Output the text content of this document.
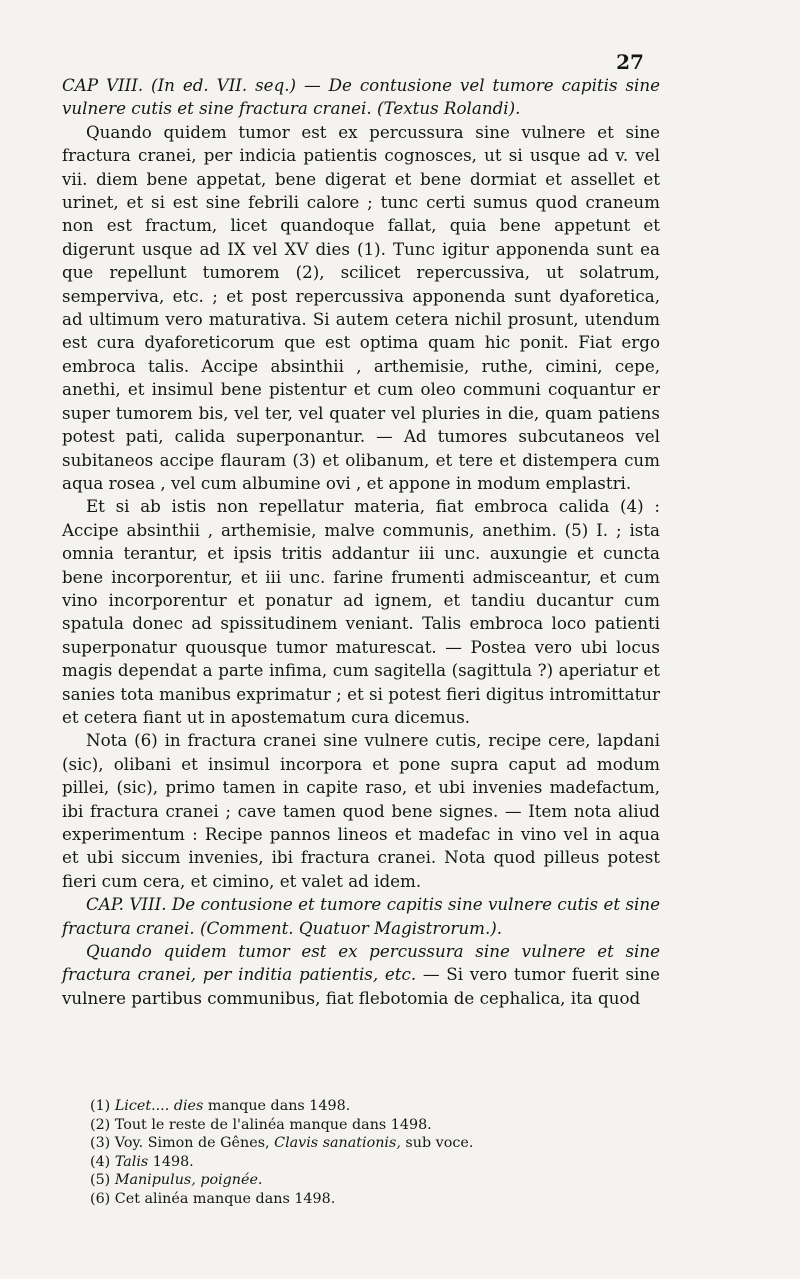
27

CAP VIII. (In ed. VII. seq.) — De contusione vel tumore capitis sine vulnere cutis et sine fractura cranei. (Textus Rolandi).

Quando quidem tumor est ex percussura sine vulnere et sine fractura cranei, per indicia patientis cognosces, ut si usque ad v. vel vii. diem bene appetat, bene digerat et bene dormiat et assellet et urinet, et si est sine febrili calore ; tunc certi sumus quod craneum non est fractum, licet quandoque fallat, quia bene appetunt et digerunt usque ad IX vel XV dies (1). Tunc igitur apponenda sunt ea que repellunt tumorem (2), scilicet repercussiva, ut solatrum, sempervivа, etc. ; et post repercussiva apponenda sunt dyaforetica, ad ultimum vero maturativa. Si autem cetera nichil prosunt, utendum est cura dyaforeticorum que est optima quam hic ponit. Fiat ergo embroca talis. Accipe absinthii , arthemisie, ruthe, cimini, cepe, anethi, et insimul bene pistentur et cum oleo communi coquantur er super tumorem bis, vel ter, vel quater vel pluries in die, quam patiens potest pati, calida superponantur. — Ad tumores subcutaneos vel subitaneos accipe flauram (3) et olibanum, et tere et distempera cum aqua rosea , vel cum albumine ovi , et appone in modum emplastri.

Et si ab istis non repellatur materia, fiat embroca calida (4) : Accipe absinthii , arthemisie, malve communis, anethim. (5) I. ; ista omnia terantur, et ipsis tritis addantur iii unc. auxungie et cuncta bene incorporentur, et iii unc. farine frumenti admisceantur, et cum vino incorporentur et ponatur ad ignem, et tandiu ducantur cum spatula donec ad spissitudinem veniant. Talis embroca loco patienti superponatur quousque tumor maturescat. — Postea vero ubi locus magis dependat a parte infima, cum sagitella (sagittula ?) aperiatur et sanies tota manibus exprimatur ; et si potest fieri digitus intromittatur et cetera fiant ut in apostematum cura dicemus.

Nota (6) in fractura cranei sine vulnere cutis, recipe cere, lapdani (sic), olibani et insimul incorpora et pone supra caput ad modum pillei, (sic), primo tamen in capite raso, et ubi invenies madefactum, ibi fractura cranei ; cave tamen quod bene signes. — Item nota aliud experimentum : Recipe pannos lineos et madefac in vino vel in aqua et ubi siccum invenies, ibi fractura cranei. Nota quod pilleus potest fieri cum cera, et cimino, et valet ad idem.

CAP. VIII. De contusione et tumore capitis sine vulnere cutis et sine fractura cranei. (Comment. Quatuor Magistrorum.).

Quando quidem tumor est ex percussura sine vulnere et sine fractura cranei, per inditia patientis, etc. — Si vero tumor fuerit sine vulnere partibus communibus, fiat flebotomia de cephalica, ita quod

(1) Licet.... dies manque dans 1498.
(2) Tout le reste de l'alinéa manque dans 1498.
(3) Voy. Simon de Gênes, Clavis sanationis, sub voce.
(4) Talis 1498.
(5) Manipulus, poignée.
(6) Cet alinéa manque dans 1498.
